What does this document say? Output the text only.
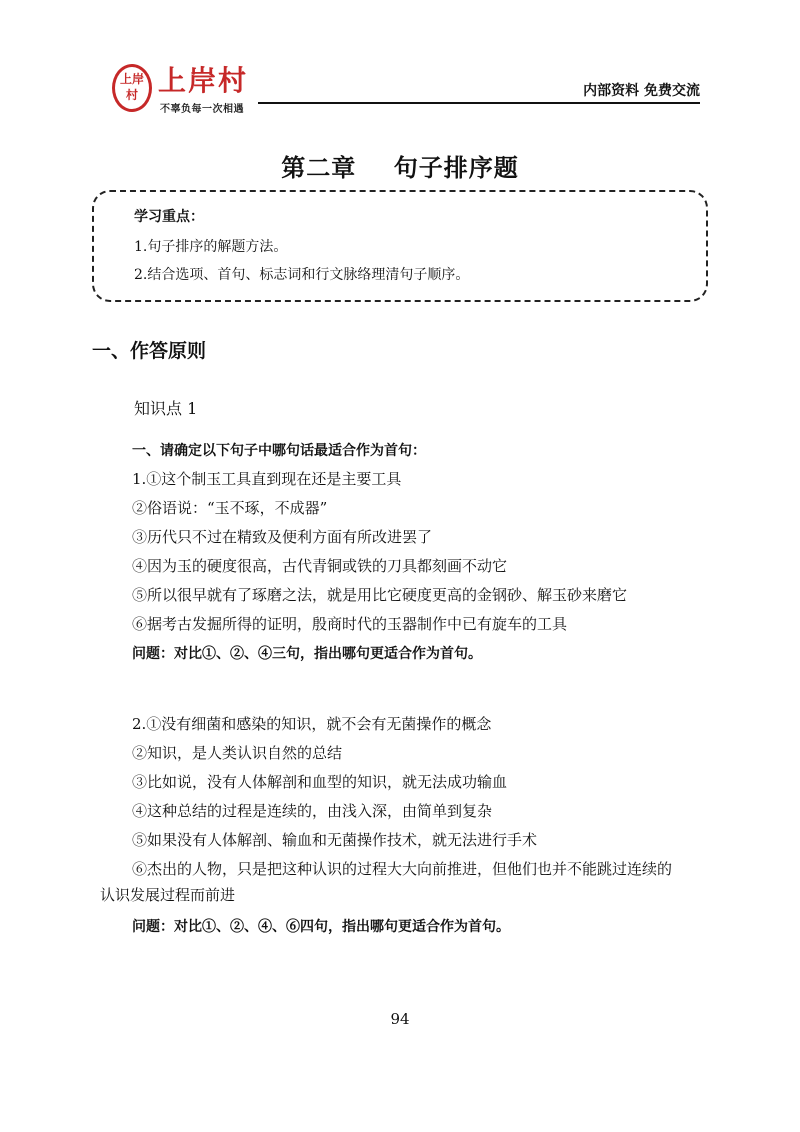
上岸
村 上岸村
不辜负每一次相遇
内部资料 免费交流
第二章    句子排序题
学习重点：
1.句子排序的解题方法。
2.结合选项、首句、标志词和行文脉络理清句子顺序。
一、作答原则
知识点 1
一、请确定以下句子中哪句话最适合作为首句：
1.①这个制玉工具直到现在还是主要工具
②俗语说：“玉不琢，不成器”
③历代只不过在精致及便利方面有所改进罢了
④因为玉的硬度很高，古代青铜或铁的刀具都刻画不动它
⑤所以很早就有了琢磨之法，就是用比它硬度更高的金钢砂、解玉砂来磨它
⑥据考古发掘所得的证明，殷商时代的玉器制作中已有旋车的工具
问题：对比①、②、④三句，指出哪句更适合作为首句。
2.①没有细菌和感染的知识，就不会有无菌操作的概念
②知识，是人类认识自然的总结
③比如说，没有人体解剖和血型的知识，就无法成功输血
④这种总结的过程是连续的，由浅入深，由简单到复杂
⑤如果没有人体解剖、输血和无菌操作技术，就无法进行手术
⑥杰出的人物，只是把这种认识的过程大大向前推进，但他们也并不能跳过连续的
认识发展过程而前进
问题：对比①、②、④、⑥四句，指出哪句更适合作为首句。
94
